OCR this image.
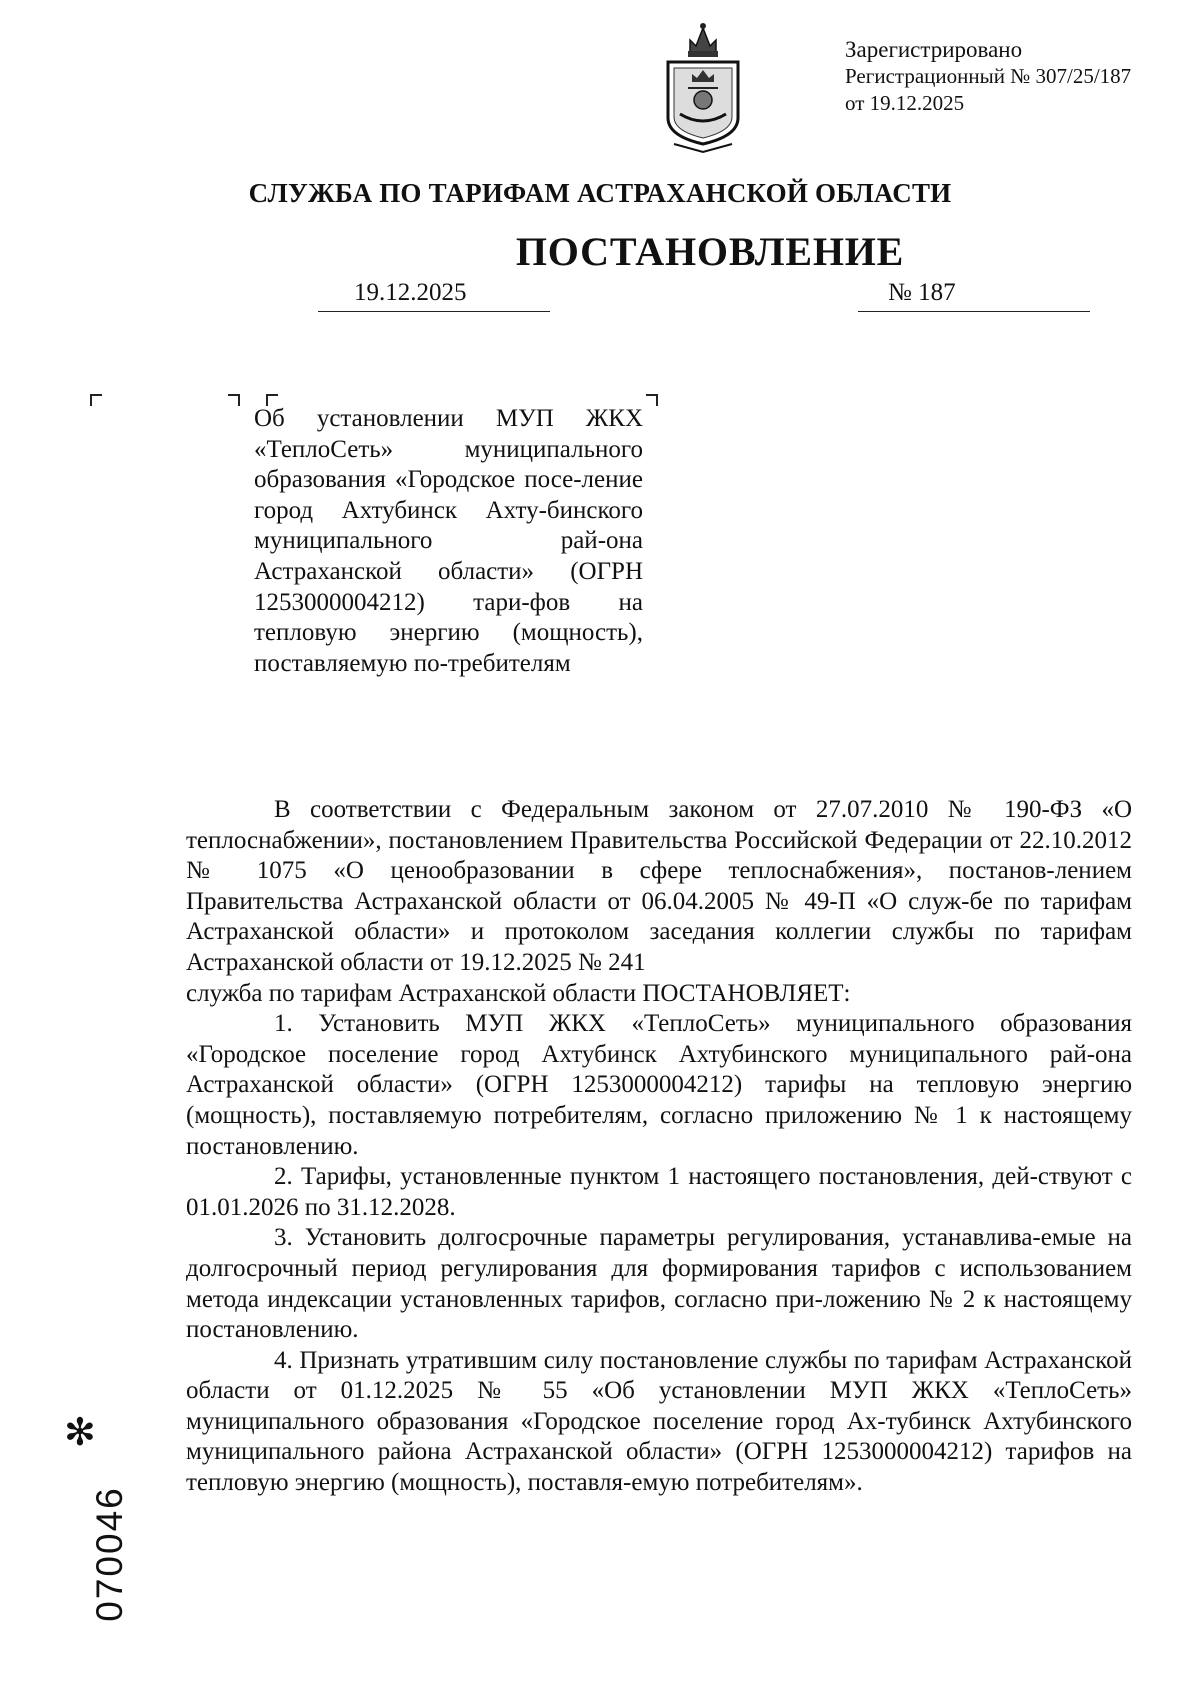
Зарегистрировано
Регистрационный № 307/25/187
от 19.12.2025
СЛУЖБА ПО ТАРИФАМ АСТРАХАНСКОЙ ОБЛАСТИ
ПОСТАНОВЛЕНИЕ
19.12.2025	№ 187
Об установлении МУП ЖКХ «ТеплоСеть» муниципального образования «Городское посе-ление город Ахтубинск Ахту-бинского муниципального рай-она Астраханской области» (ОГРН 1253000004212) тари-фов на тепловую энергию (мощность), поставляемую по-требителям

В соответствии с Федеральным законом от 27.07.2010 № 190-ФЗ «О теплоснабжении», постановлением Правительства Российской Федерации от 22.10.2012 № 1075 «О ценообразовании в сфере теплоснабжения», постанов-лением Правительства Астраханской области от 06.04.2005 № 49-П «О служ-бе по тарифам Астраханской области» и протоколом заседания коллегии службы по тарифам Астраханской области от 19.12.2025 № 241

служба по тарифам Астраханской области ПОСТАНОВЛЯЕТ:

1. Установить МУП ЖКХ «ТеплоСеть» муниципального образования «Городское поселение город Ахтубинск Ахтубинского муниципального рай-она Астраханской области» (ОГРН 1253000004212) тарифы на тепловую энергию (мощность), поставляемую потребителям, согласно приложению № 1 к настоящему постановлению.

2. Тарифы, установленные пунктом 1 настоящего постановления, дей-ствуют с 01.01.2026 по 31.12.2028.

3. Установить долгосрочные параметры регулирования, устанавлива-емые на долгосрочный период регулирования для формирования тарифов с использованием метода индексации установленных тарифов, согласно при-ложению № 2 к настоящему постановлению.

4. Признать утратившим силу постановление службы по тарифам Астраханской области от 01.12.2025 № 55 «Об установлении МУП ЖКХ «ТеплоСеть» муниципального образования «Городское поселение город Ах-тубинск Ахтубинского муниципального района Астраханской области» (ОГРН 1253000004212) тарифов на тепловую энергию (мощность), поставля-емую потребителям».

✻
070046
